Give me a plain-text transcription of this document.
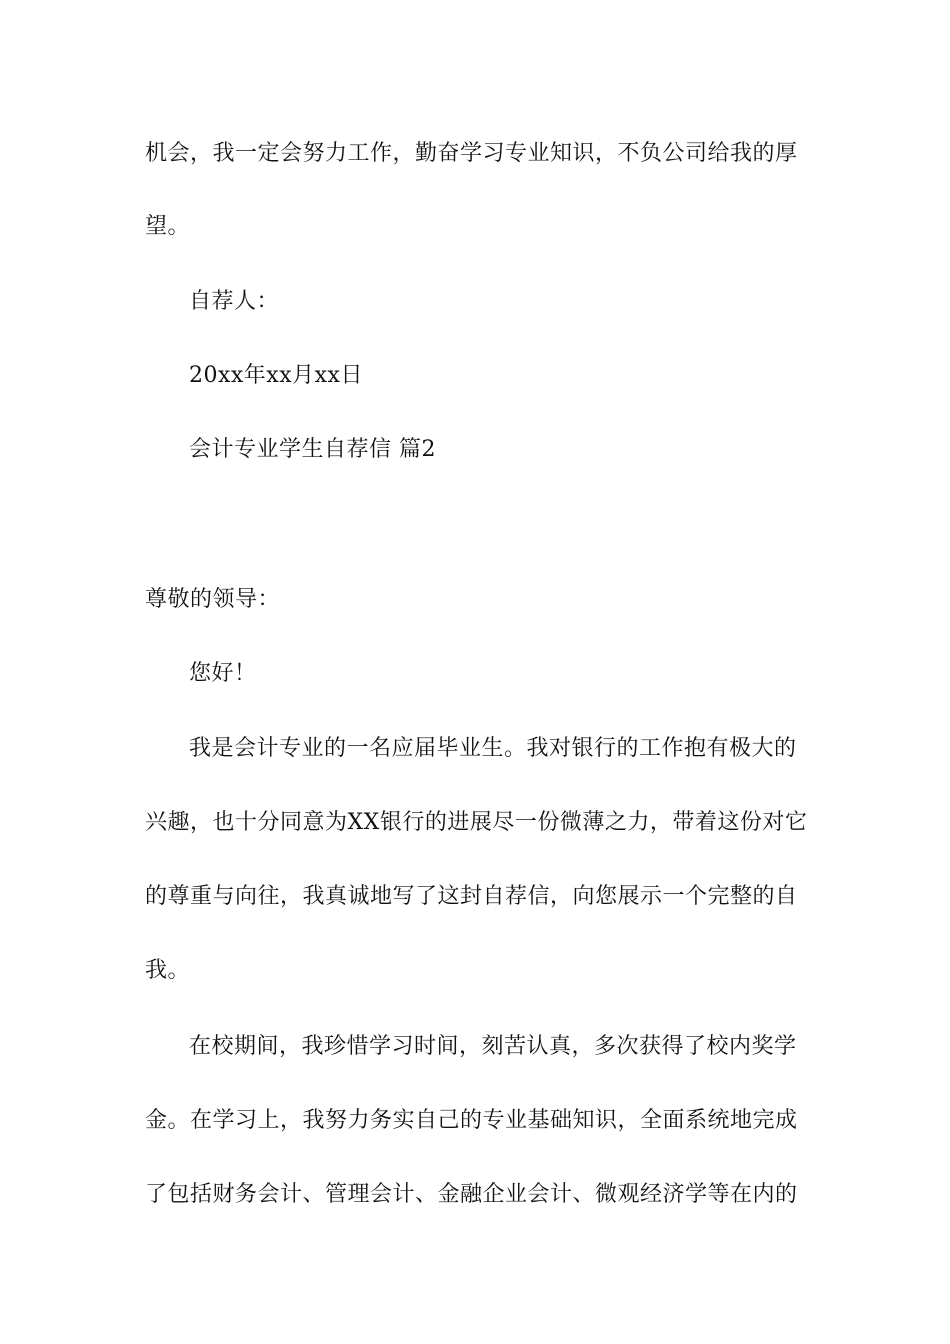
机会，我一定会努力工作，勤奋学习专业知识，不负公司给我的厚
望。
自荐人：
20xx年xx月xx日
会计专业学生自荐信 篇2
尊敬的领导：
您好！
我是会计专业的一名应届毕业生。我对银行的工作抱有极大的
兴趣，也十分同意为XX银行的进展尽一份微薄之力，带着这份对它
的尊重与向往，我真诚地写了这封自荐信，向您展示一个完整的自
我。
在校期间，我珍惜学习时间，刻苦认真，多次获得了校内奖学
金。在学习上，我努力务实自己的专业基础知识，全面系统地完成
了包括财务会计、管理会计、金融企业会计、微观经济学等在内的
